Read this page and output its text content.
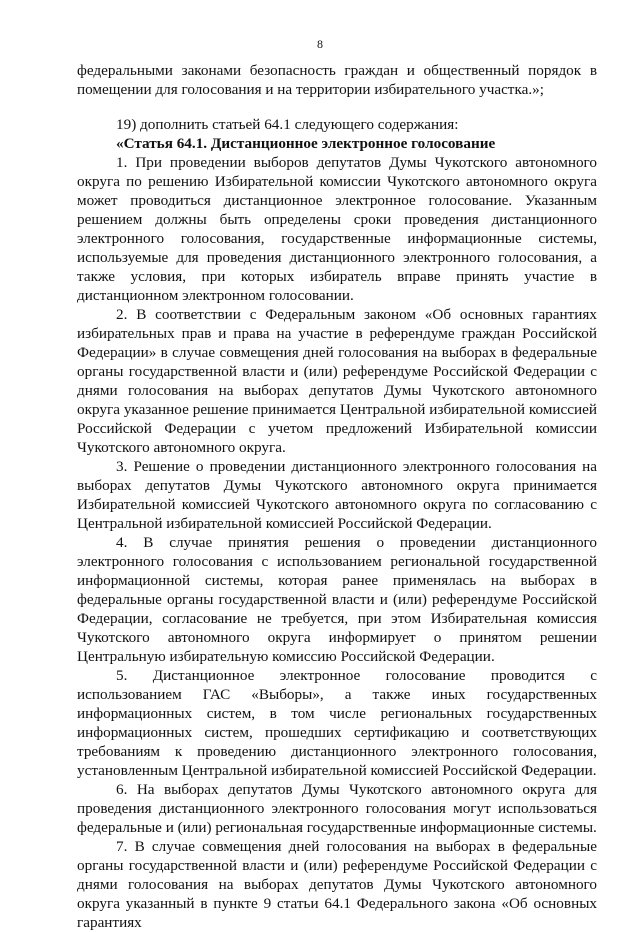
8

федеральными законами безопасность граждан и общественный порядок в помещении для голосования и на территории избирательного участка.»;

19) дополнить статьей 64.1 следующего содержания:

«Статья 64.1. Дистанционное электронное голосование

1. При проведении выборов депутатов Думы Чукотского автономного округа по решению Избирательной комиссии Чукотского автономного округа может проводиться дистанционное электронное голосование. Указанным решением должны быть определены сроки проведения дистанционного электронного голосования, государственные информационные системы, используемые для проведения дистанционного электронного голосования, а также условия, при которых избиратель вправе принять участие в дистанционном электронном голосовании.

2. В соответствии с Федеральным законом «Об основных гарантиях избирательных прав и права на участие в референдуме граждан Российской Федерации» в случае совмещения дней голосования на выборах в федеральные органы государственной власти и (или) референдуме Российской Федерации с днями голосования на выборах депутатов Думы Чукотского автономного округа указанное решение принимается Центральной избирательной комиссией Российской Федерации с учетом предложений Избирательной комиссии Чукотского автономного округа.

3. Решение о проведении дистанционного электронного голосования на выборах депутатов Думы Чукотского автономного округа принимается Избирательной комиссией Чукотского автономного округа по согласованию с Центральной избирательной комиссией Российской Федерации.

4. В случае принятия решения о проведении дистанционного электронного голосования с использованием региональной государственной информационной системы, которая ранее применялась на выборах в федеральные органы государственной власти и (или) референдуме Российской Федерации, согласование не требуется, при этом Избирательная комиссия Чукотского автономного округа информирует о принятом решении Центральную избирательную комиссию Российской Федерации.

5. Дистанционное электронное голосование проводится с использованием ГАС «Выборы», а также иных государственных информационных систем, в том числе региональных государственных информационных систем, прошедших сертификацию и соответствующих требованиям к проведению дистанционного электронного голосования, установленным Центральной избирательной комиссией Российской Федерации.

6. На выборах депутатов Думы Чукотского автономного округа для проведения дистанционного электронного голосования могут использоваться федеральные и (или) региональная государственные информационные системы.

7. В случае совмещения дней голосования на выборах в федеральные органы государственной власти и (или) референдуме Российской Федерации с днями голосования на выборах депутатов Думы Чукотского автономного округа указанный в пункте 9 статьи 64.1 Федерального закона «Об основных гарантиях
